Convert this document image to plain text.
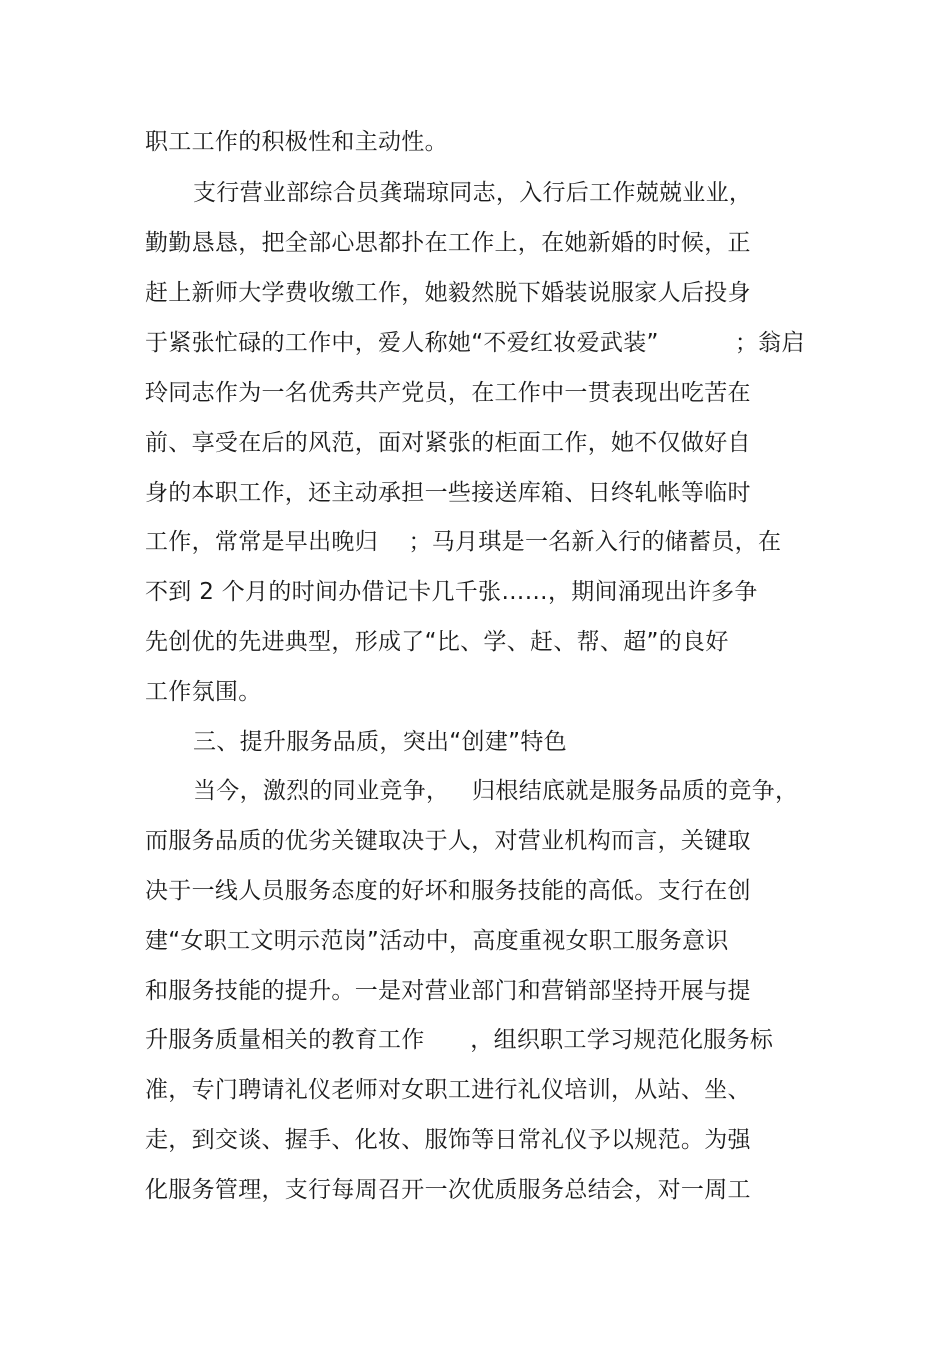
职工工作的积极性和主动性。
支行营业部综合员龚瑞琼同志，入行后工作兢兢业业，
勤勤恳恳，把全部心思都扑在工作上，在她新婚的时候，正
赶上新师大学费收缴工作，她毅然脱下婚装说服家人后投身
于紧张忙碌的工作中，爱人称她“不爱红妆爱武装”          ；翁启
玲同志作为一名优秀共产党员，在工作中一贯表现出吃苦在
前、享受在后的风范，面对紧张的柜面工作，她不仅做好自
身的本职工作，还主动承担一些接送库箱、日终轧帐等临时
工作，常常是早出晚归    ；马月琪是一名新入行的储蓄员，在
不到 2 个月的时间办借记卡几千张……，期间涌现出许多争
先创优的先进典型，形成了“比、学、赶、帮、超”的良好
工作氛围。
三、提升服务品质，突出“创建”特色
当今，激烈的同业竞争，   归根结底就是服务品质的竞争，
而服务品质的优劣关键取决于人，对营业机构而言，关键取
决于一线人员服务态度的好坏和服务技能的高低。支行在创
建“女职工文明示范岗”活动中，高度重视女职工服务意识
和服务技能的提升。一是对营业部门和营销部坚持开展与提
升服务质量相关的教育工作      ，组织职工学习规范化服务标
准，专门聘请礼仪老师对女职工进行礼仪培训，从站、坐、
走，到交谈、握手、化妆、服饰等日常礼仪予以规范。为强
化服务管理，支行每周召开一次优质服务总结会，对一周工
